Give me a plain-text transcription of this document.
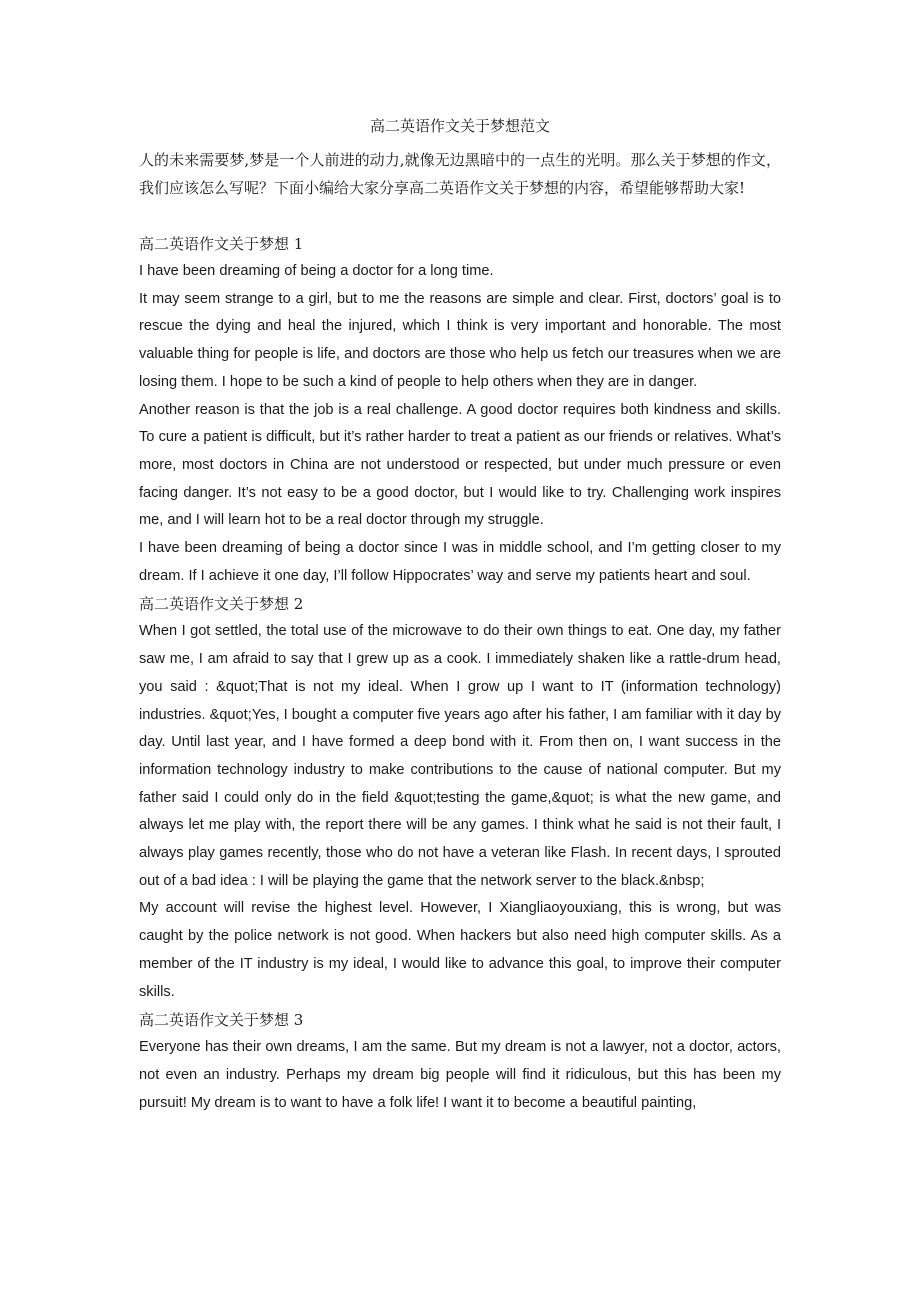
高二英语作文关于梦想范文

人的未来需要梦,梦是一个人前进的动力,就像无边黑暗中的一点生的光明。那么关于梦想的作文，我们应该怎么写呢？下面小编给大家分享高二英语作文关于梦想的内容，希望能够帮助大家!

高二英语作文关于梦想 1

I have been dreaming of being a doctor for a long time.

It may seem strange to a girl, but to me the reasons are simple and clear. First, doctors’ goal is to rescue the dying and heal the injured, which I think is very important and honorable. The most valuable thing for people is life, and doctors are those who help us fetch our treasures when we are losing them. I hope to be such a kind of people to help others when they are in danger.

Another reason is that the job is a real challenge. A good doctor requires both kindness and skills. To cure a patient is difficult, but it’s rather harder to treat a patient as our friends or relatives. What’s more, most doctors in China are not understood or respected, but under much pressure or even facing danger. It’s not easy to be a good doctor, but I would like to try. Challenging work inspires me, and I will learn hot to be a real doctor through my struggle.

I have been dreaming of being a doctor since I was in middle school, and I’m getting closer to my dream. If I achieve it one day, I’ll follow Hippocrates’ way and serve my patients heart and soul.

高二英语作文关于梦想 2

When I got settled, the total use of the microwave to do their own things to eat. One day, my father saw me, I am afraid to say that I grew up as a cook. I immediately shaken like a rattle-drum head, you said : &quot;That is not my ideal. When I grow up I want to IT (information technology) industries. &quot;Yes, I bought a computer five years ago after his father, I am familiar with it day by day. Until last year, and I have formed a deep bond with it. From then on, I want success in the information technology industry to make contributions to the cause of national computer. But my father said I could only do in the field &quot;testing the game,&quot; is what the new game, and always let me play with, the report there will be any games. I think what he said is not their fault, I always play games recently, those who do not have a veteran like Flash. In recent days, I sprouted out of a bad idea : I will be playing the game that the network server to the black.&nbsp;

My account will revise the highest level. However, I Xiangliaoyouxiang, this is wrong, but was caught by the police network is not good. When hackers but also need high computer skills. As a member of the IT industry is my ideal, I would like to advance this goal, to improve their computer skills.

高二英语作文关于梦想 3

Everyone has their own dreams, I am the same. But my dream is not a lawyer, not a doctor, actors, not even an industry. Perhaps my dream big people will find it ridiculous, but this has been my pursuit! My dream is to want to have a folk life! I want it to become a beautiful painting,
